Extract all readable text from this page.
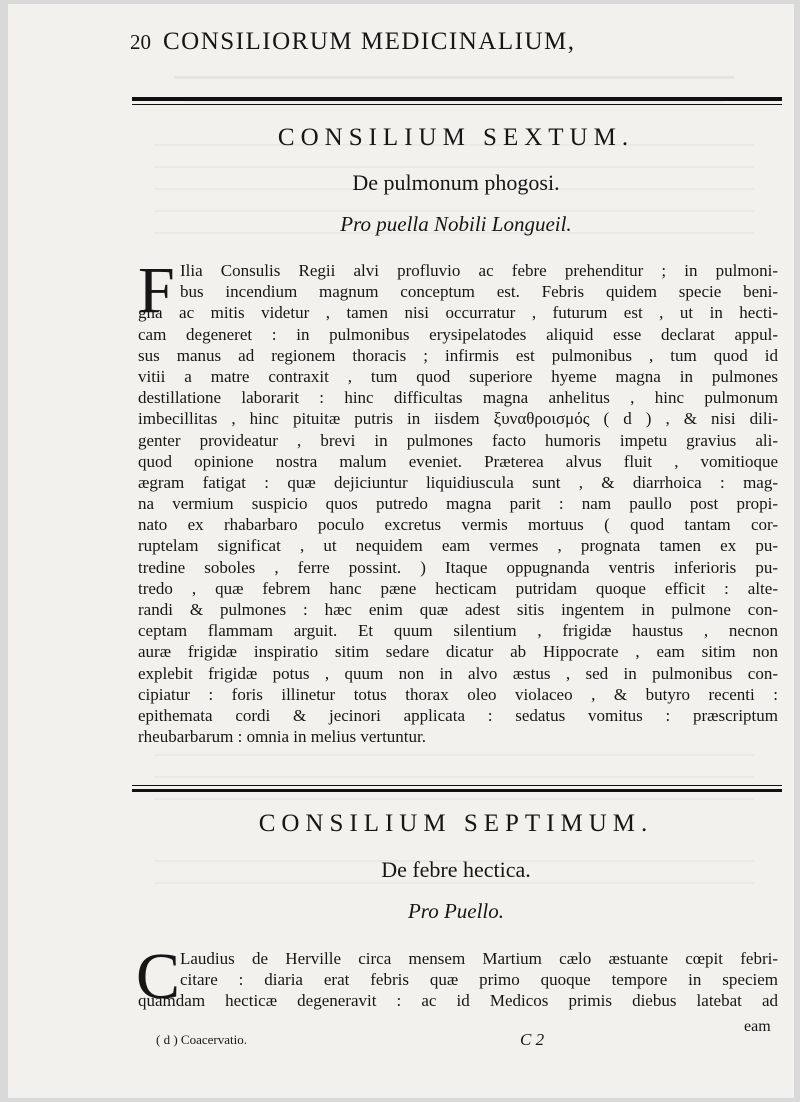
20 CONSILIORUM MEDICINALIUM,
CONSILIUM SEXTUM.
De pulmonum phogosi.
Pro puella Nobili Longueil.
F Ilia Consulis Regii alvi profluvio ac febre prehenditur ; in pulmoni-
bus incendium magnum conceptum est. Febris quidem specie beni-
gna ac mitis videtur , tamen nisi occurratur , futurum est , ut in hecti-
cam degeneret : in pulmonibus erysipelatodes aliquid esse declarat appul-
sus manus ad regionem thoracis ; infirmis est pulmonibus , tum quod id
vitii a matre contraxit , tum quod superiore hyeme magna in pulmones
destillatione laborarit : hinc difficultas magna anhelitus , hinc pulmonum
imbecillitas , hinc pituitæ putris in iisdem ξυναθροισμός ( d ) , & nisi dili-
genter provideatur , brevi in pulmones facto humoris impetu gravius ali-
quod opinione nostra malum eveniet. Præterea alvus fluit , vomitioque
ægram fatigat : quæ dejiciuntur liquidiuscula sunt , & diarrhoica : mag-
na vermium suspicio quos putredo magna parit : nam paullo post propi-
nato ex rhabarbaro poculo excretus vermis mortuus ( quod tantam cor-
ruptelam significat , ut nequidem eam vermes , prognata tamen ex pu-
tredine soboles , ferre possint. ) Itaque oppugnanda ventris inferioris pu-
tredo , quæ febrem hanc pæne hecticam putridam quoque efficit : alte-
randi & pulmones : hæc enim quæ adest sitis ingentem in pulmone con-
ceptam flammam arguit. Et quum silentium , frigidæ haustus , necnon
auræ frigidæ inspiratio sitim sedare dicatur ab Hippocrate , eam sitim non
explebit frigidæ potus , quum non in alvo æstus , sed in pulmonibus con-
cipiatur : foris illinetur totus thorax oleo violaceo , & butyro recenti :
epithemata cordi & jecinori applicata : sedatus vomitus : præscriptum
rheubarbarum : omnia in melius vertuntur.
CONSILIUM SEPTIMUM.
De febre hectica.
Pro Puello.
C Laudius de Herville circa mensem Martium cælo æstuante cœpit febri-
citare : diaria erat febris quæ primo quoque tempore in speciem
quamdam hecticæ degeneravit : ac id Medicos primis diebus latebat ad
( d ) Coacervatio.	C 2
eam
